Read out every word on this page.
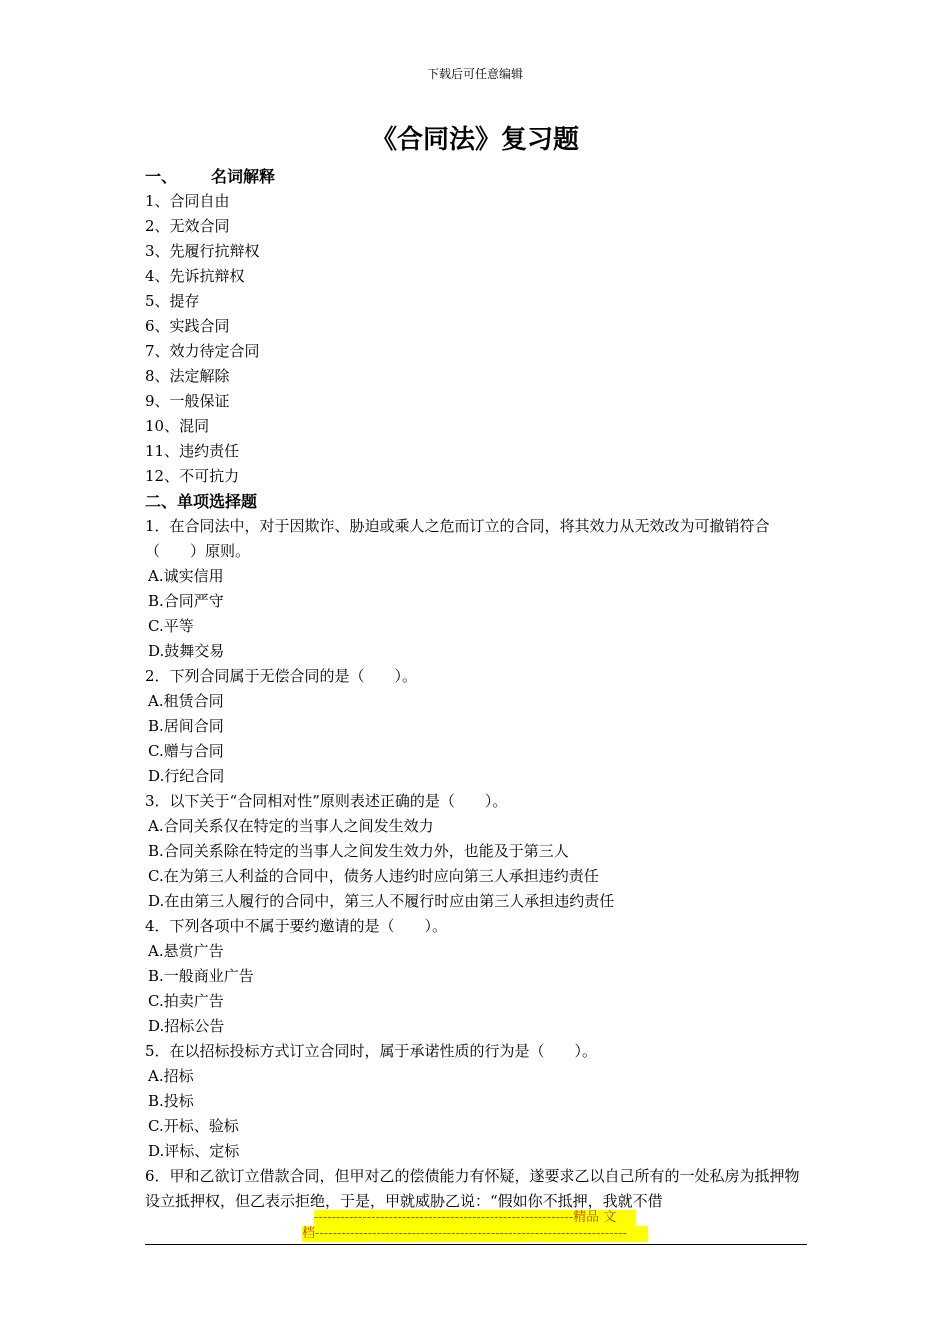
下载后可任意编辑
《合同法》复习题
一、 名词解释
1、合同自由
2、无效合同
3、先履行抗辩权
4、先诉抗辩权
5、提存
6、实践合同
7、效力待定合同
8、法定解除
9、一般保证
10、混同
11、违约责任
12、不可抗力
二、单项选择题
1．在合同法中，对于因欺诈、胁迫或乘人之危而订立的合同，将其效力从无效改为可撤销符合（　　）原则。
A.诚实信用
B.合同严守
C.平等
D.鼓舞交易
2．下列合同属于无偿合同的是（　　）。
A.租赁合同
B.居间合同
C.赠与合同
D.行纪合同
3．以下关于“合同相对性”原则表述正确的是（　　）。
A.合同关系仅在特定的当事人之间发生效力
B.合同关系除在特定的当事人之间发生效力外，也能及于第三人
C.在为第三人利益的合同中，债务人违约时应向第三人承担违约责任
D.在由第三人履行的合同中，第三人不履行时应由第三人承担违约责任
4．下列各项中不属于要约邀请的是（　　）。
A.悬赏广告
B.一般商业广告
C.拍卖广告
D.招标公告
5．在以招标投标方式订立合同时，属于承诺性质的行为是（　　）。
A.招标
B.投标
C.开标、验标
D.评标、定标
6．甲和乙欲订立借款合同，但甲对乙的偿债能力有怀疑，遂要求乙以自己所有的一处私房为抵押物设立抵押权，但乙表示拒绝，于是，甲就威胁乙说：“假如你不抵押，我就不借
-----------------------------------------------------------精品 文
档-----------------------------------------------------------------------
